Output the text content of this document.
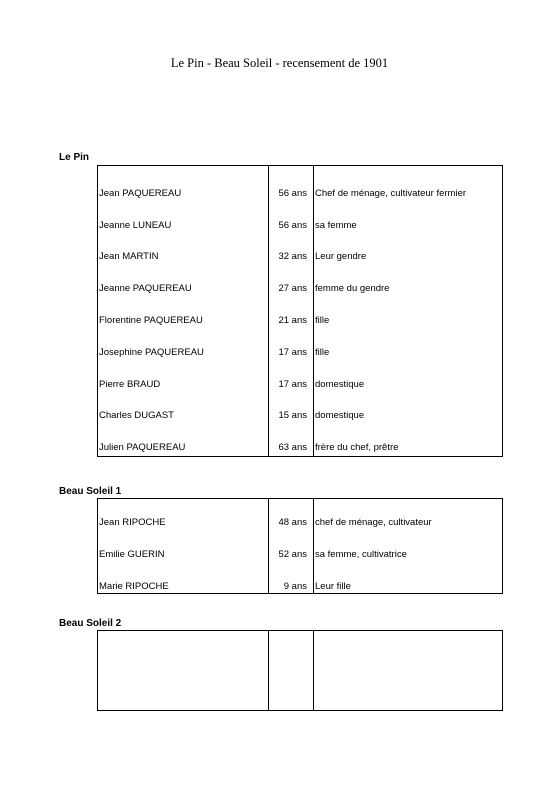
Le Pin - Beau Soleil - recensement de 1901
Le Pin
Jean PAQUEREAU	56 ans Chef de ménage, cultivateur fermier
Jeanne LUNEAU	56 ans sa femme
Jean MARTIN	32 ans Leur gendre
Jeanne PAQUEREAU	27 ans femme du gendre
Florentine PAQUEREAU	21 ans fille
Josephine PAQUEREAU	17 ans fille
Pierre BRAUD	17 ans domestique
Charles DUGAST	15 ans domestique
Julien PAQUEREAU	63 ans frère du chef, prêtre
Beau Soleil 1
Jean RIPOCHE	48 ans chef de ménage, cultivateur
Emilie GUERIN	52 ans sa femme, cultivatrice
Marie RIPOCHE	9 ans Leur fille
Beau Soleil 2
